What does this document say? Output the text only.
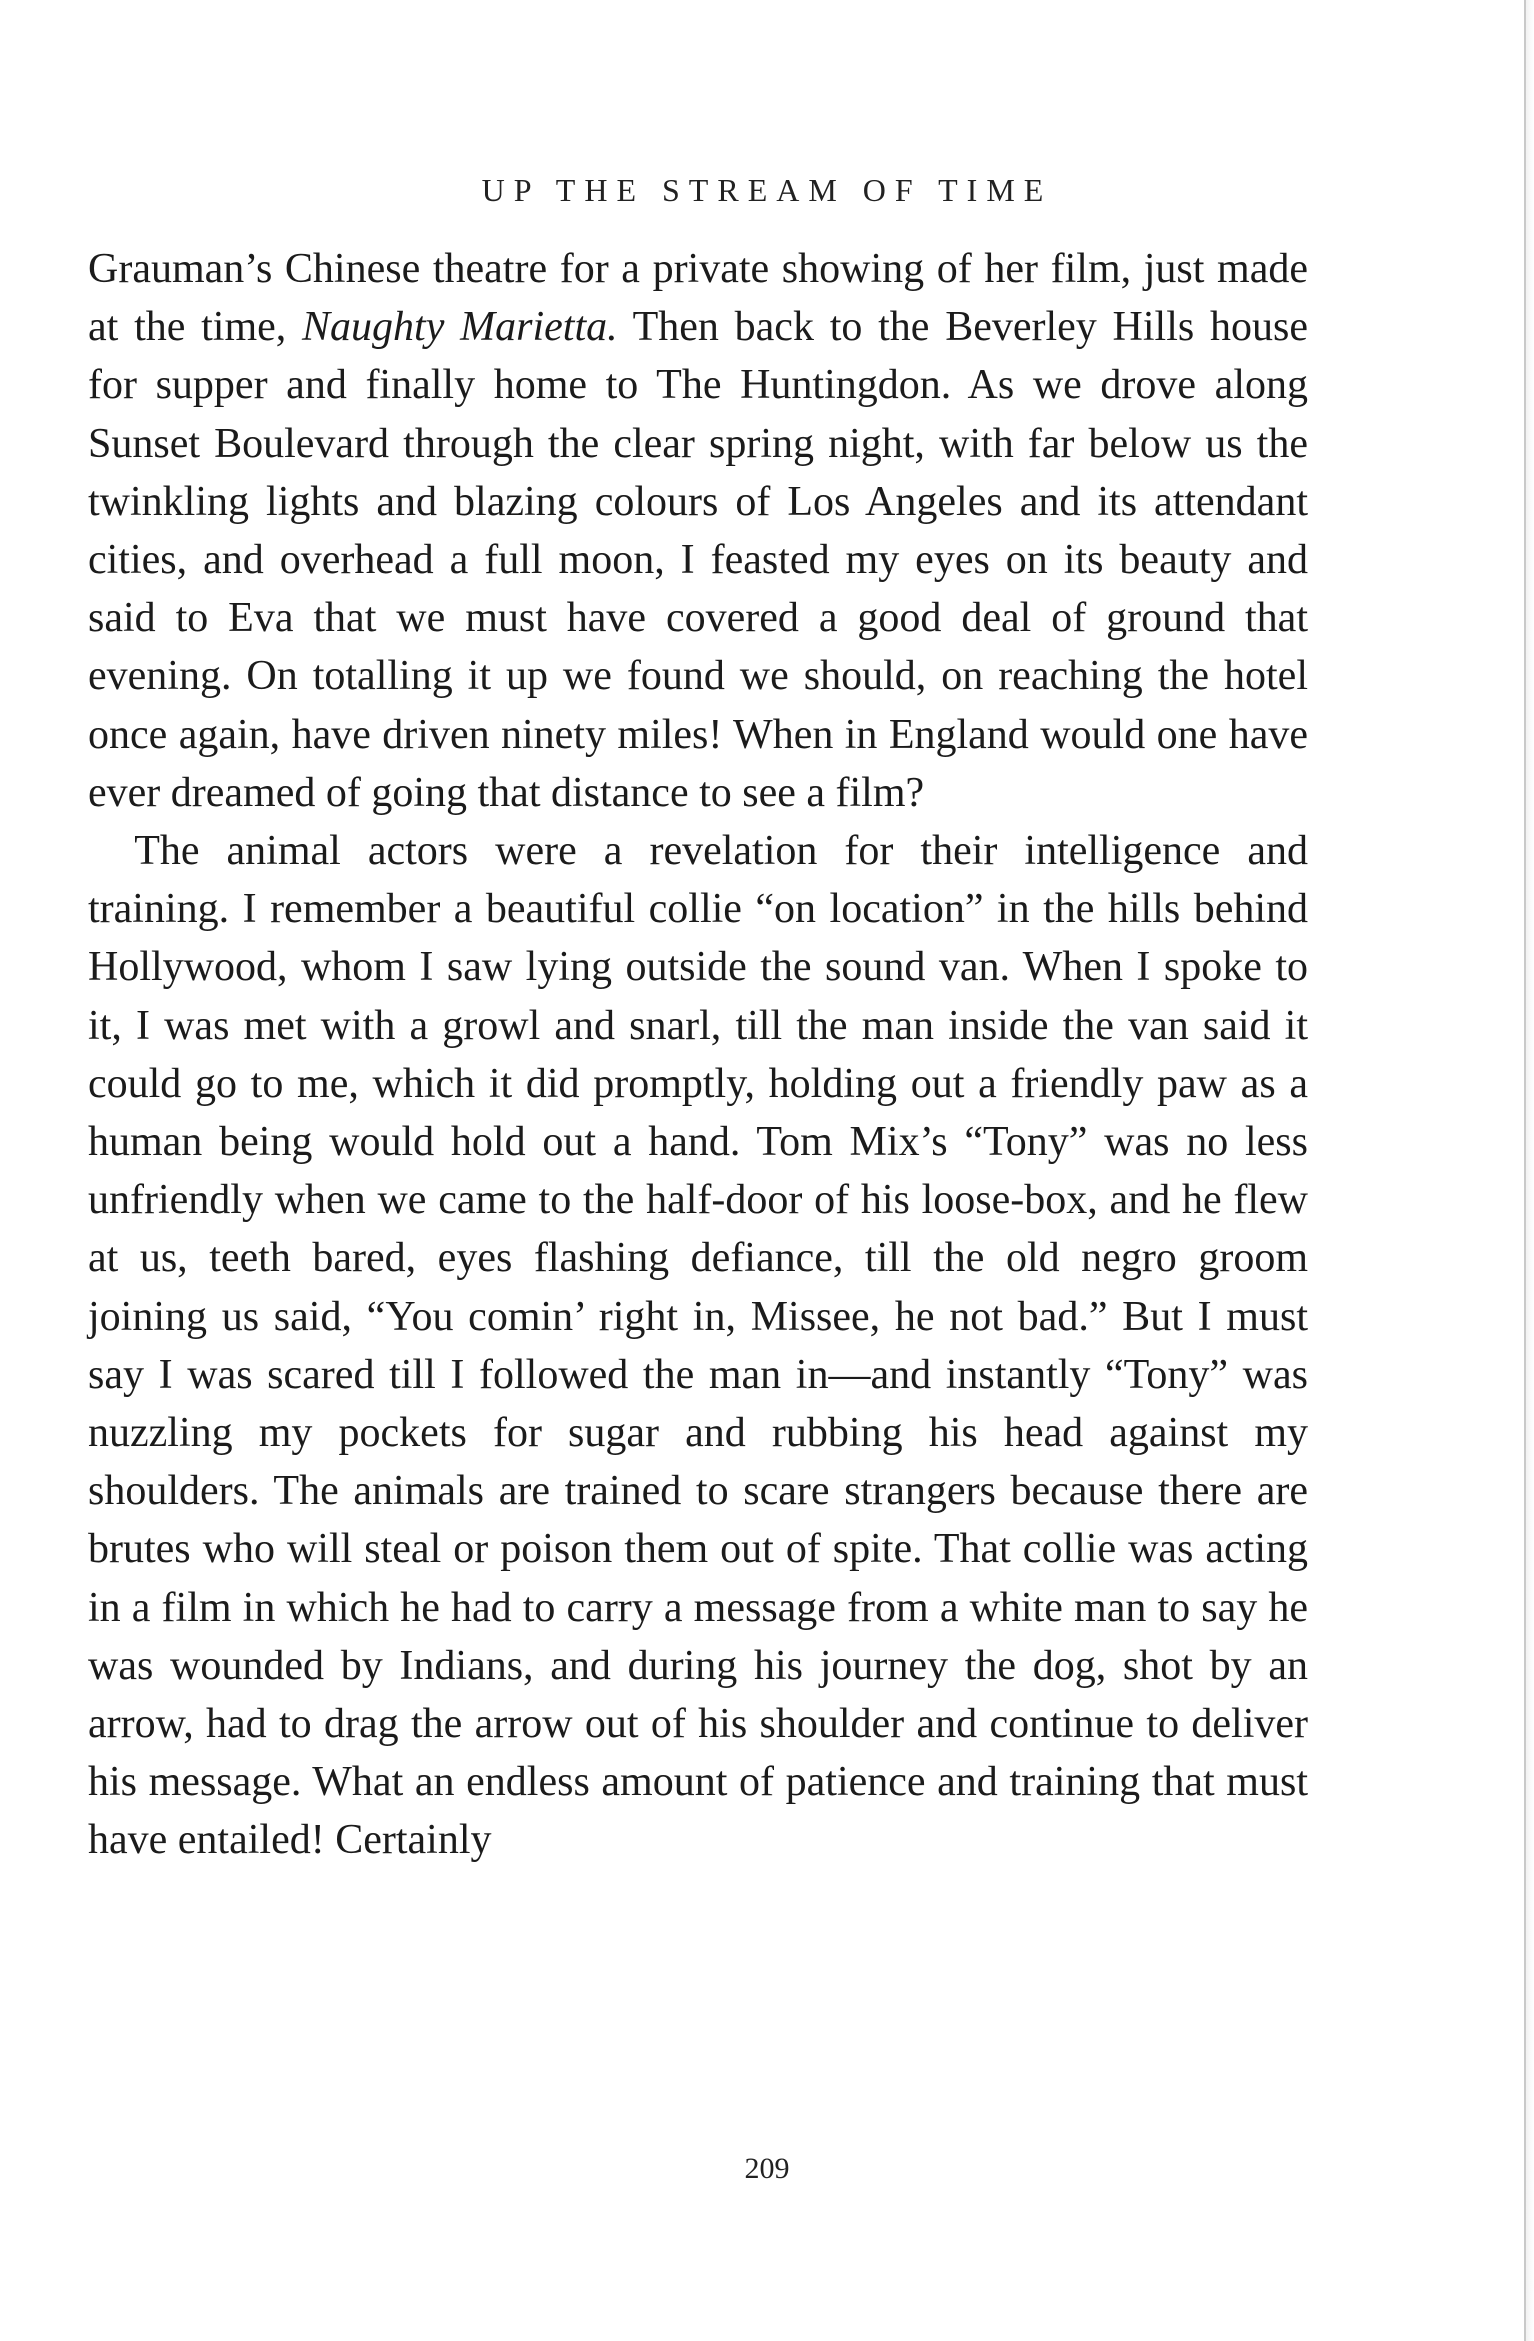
UP THE STREAM OF TIME

Grauman’s Chinese theatre for a private showing of her film, just made at the time, Naughty Marietta. Then back to the Beverley Hills house for supper and finally home to The Huntingdon. As we drove along Sunset Boulevard through the clear spring night, with far below us the twinkling lights and blazing colours of Los Angeles and its attendant cities, and overhead a full moon, I feasted my eyes on its beauty and said to Eva that we must have covered a good deal of ground that evening. On totalling it up we found we should, on reaching the hotel once again, have driven ninety miles! When in England would one have ever dreamed of going that distance to see a film?

The animal actors were a revelation for their intelligence and training. I remember a beautiful collie “on location” in the hills behind Hollywood, whom I saw lying outside the sound van. When I spoke to it, I was met with a growl and snarl, till the man inside the van said it could go to me, which it did promptly, holding out a friendly paw as a human being would hold out a hand. Tom Mix’s “Tony” was no less unfriendly when we came to the half-door of his loose-box, and he flew at us, teeth bared, eyes flashing defiance, till the old negro groom joining us said, “You comin’ right in, Missee, he not bad.” But I must say I was scared till I followed the man in—and instantly “Tony” was nuzzling my pockets for sugar and rubbing his head against my shoulders. The animals are trained to scare strangers because there are brutes who will steal or poison them out of spite. That collie was acting in a film in which he had to carry a message from a white man to say he was wounded by Indians, and during his journey the dog, shot by an arrow, had to drag the arrow out of his shoulder and continue to deliver his message. What an endless amount of patience and training that must have entailed! Certainly

209
